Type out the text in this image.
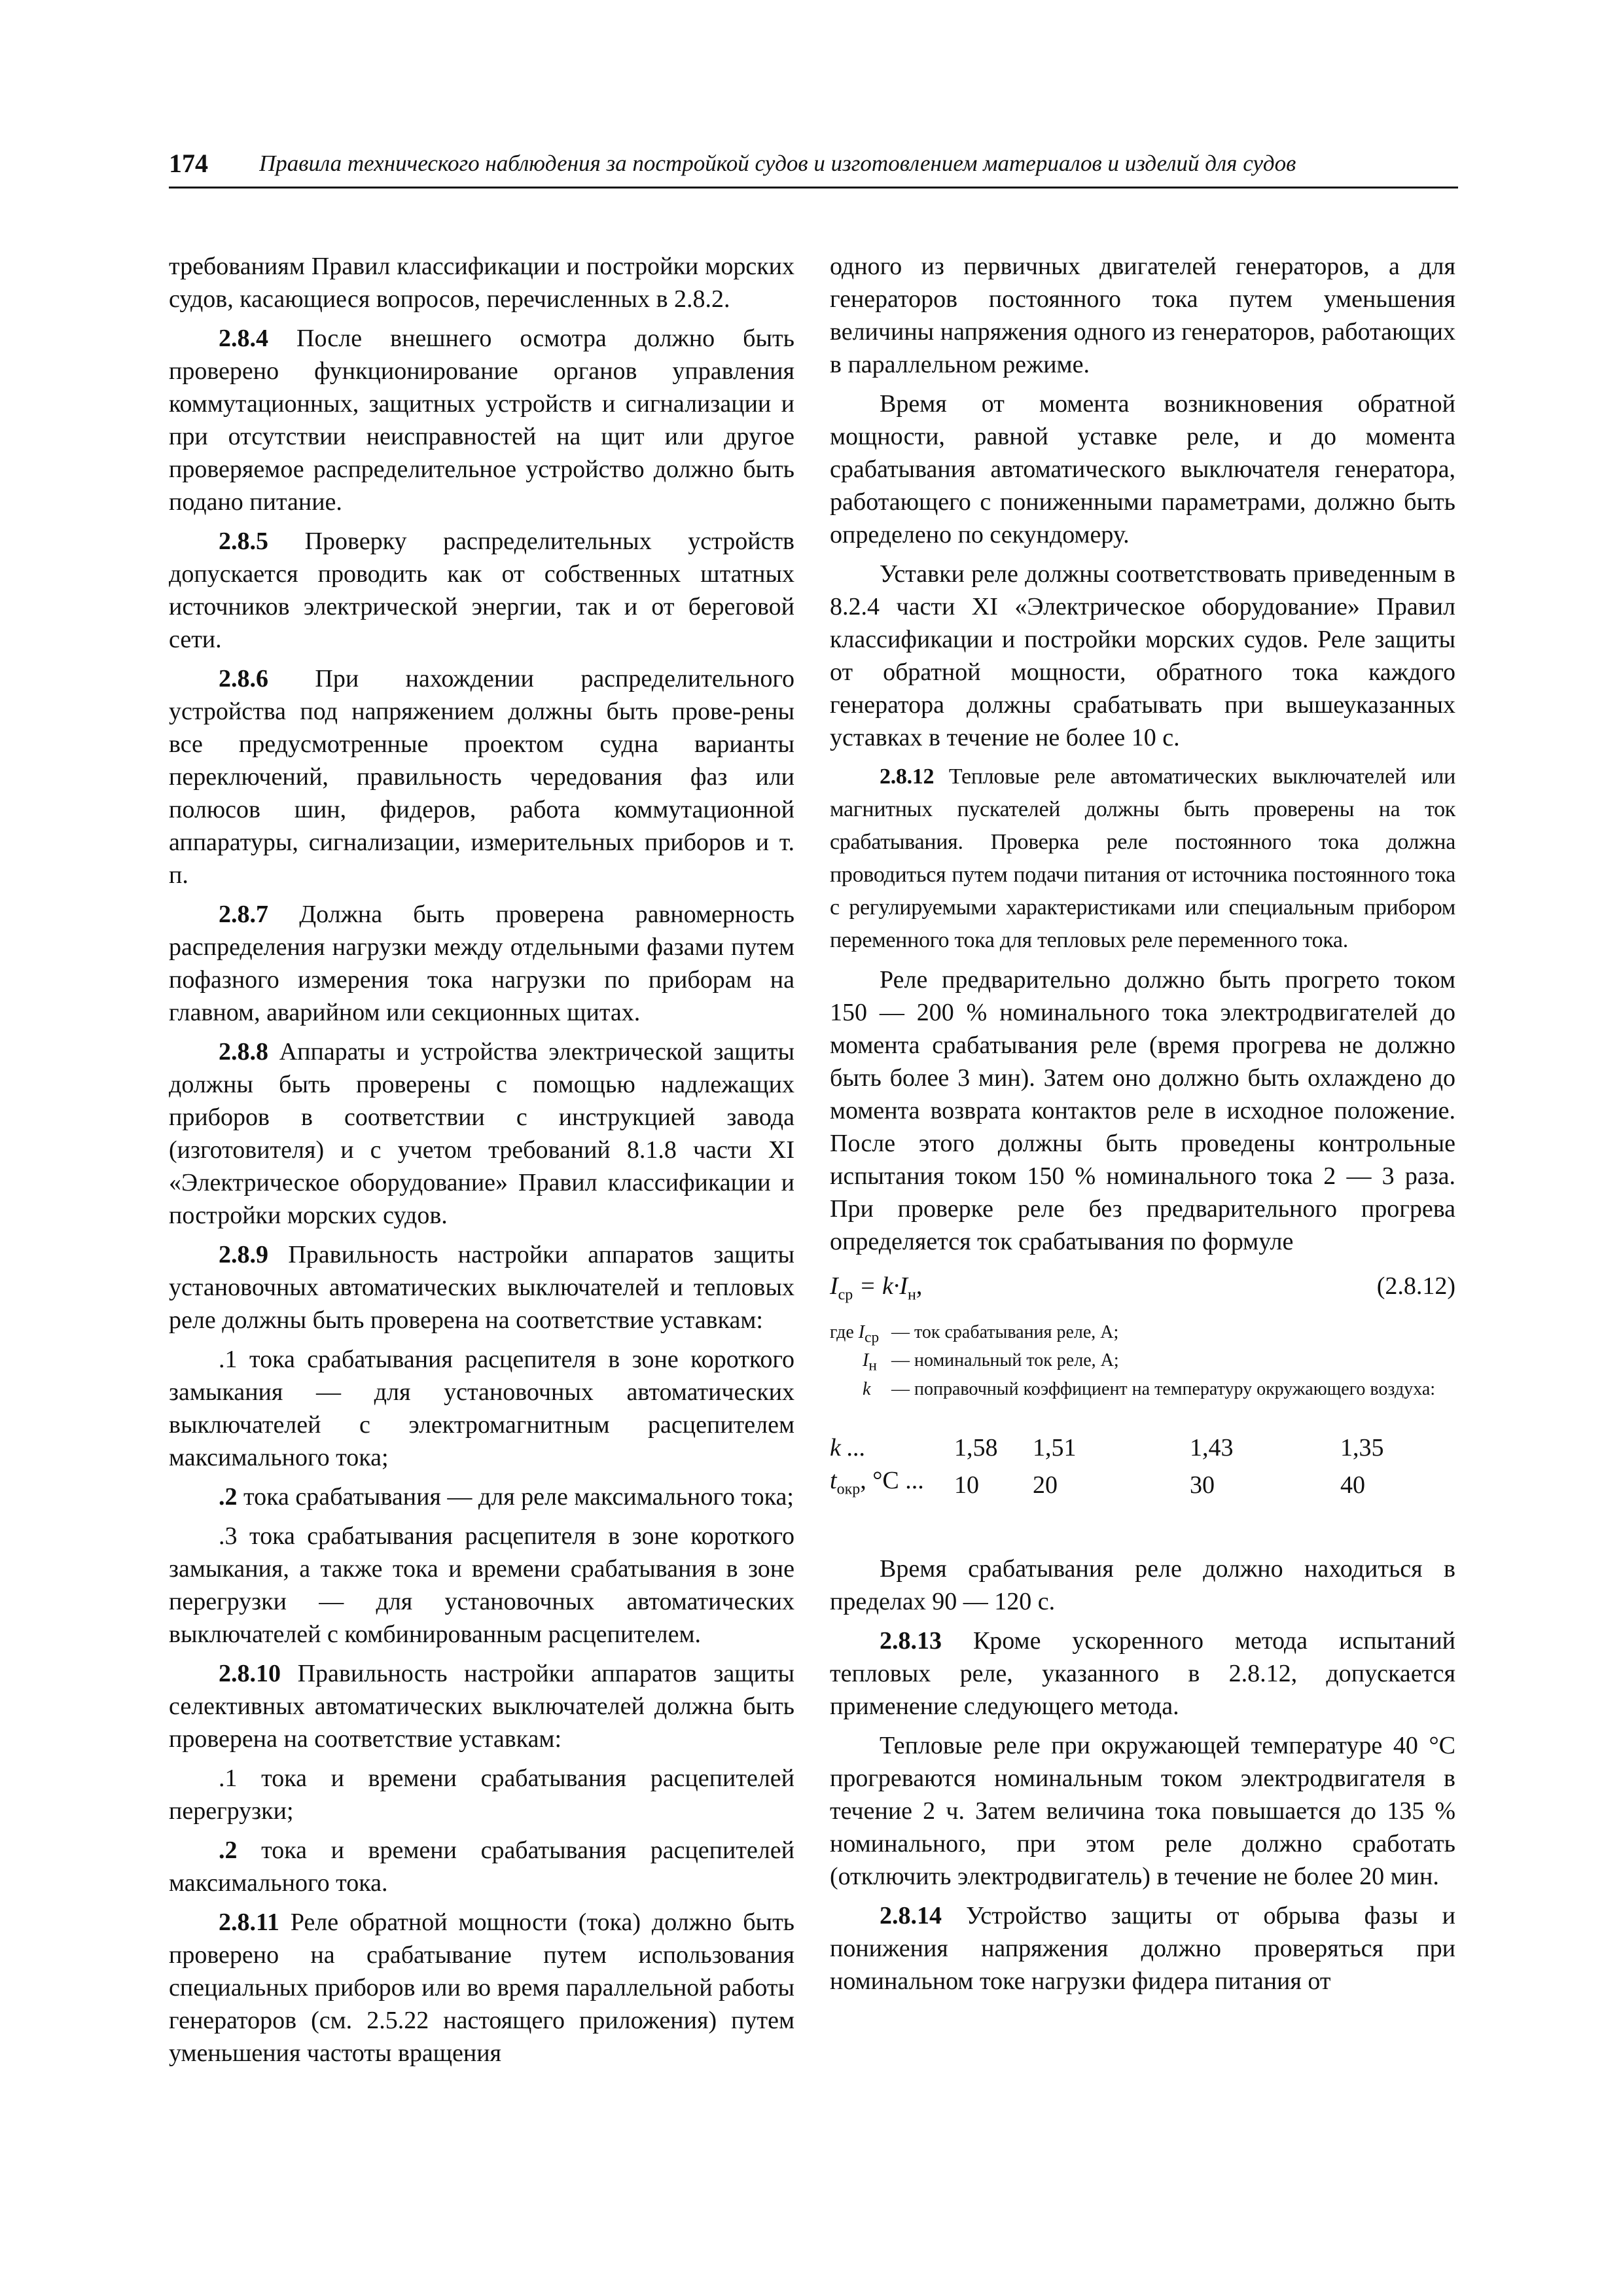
174 Правила технического наблюдения за постройкой судов и изготовлением материалов и изделий для судов

требованиям Правил классификации и постройки морских судов, касающиеся вопросов, перечисленных в 2.8.2.

2.8.4 После внешнего осмотра должно быть проверено функционирование органов управления коммутационных, защитных устройств и сигнализации и при отсутствии неисправностей на щит или другое проверяемое распределительное устройство должно быть подано питание.

2.8.5 Проверку распределительных устройств допускается проводить как от собственных штатных источников электрической энергии, так и от береговой сети.

2.8.6 При нахождении распределительного устройства под напряжением должны быть прове-рены все предусмотренные проектом судна варианты переключений, правильность чередования фаз или полюсов шин, фидеров, работа коммутационной аппаратуры, сигнализации, измерительных приборов и т. п.

2.8.7 Должна быть проверена равномерность распределения нагрузки между отдельными фазами путем пофазного измерения тока нагрузки по приборам на главном, аварийном или секционных щитах.

2.8.8 Аппараты и устройства электрической защиты должны быть проверены с помощью надлежащих приборов в соответствии с инструкцией завода (изготовителя) и с учетом требований 8.1.8 части XI «Электрическое оборудование» Правил классификации и постройки морских судов.

2.8.9 Правильность настройки аппаратов защиты установочных автоматических выключателей и тепловых реле должны быть проверена на соответствие уставкам:

.1 тока срабатывания расцепителя в зоне короткого замыкания — для установочных автоматических выключателей с электромагнитным расцепителем максимального тока;

.2 тока срабатывания — для реле максимального тока;

.3 тока срабатывания расцепителя в зоне короткого замыкания, а также тока и времени срабатывания в зоне перегрузки — для установочных автоматических выключателей с комбинированным расцепителем.

2.8.10 Правильность настройки аппаратов защиты селективных автоматических выключателей должна быть проверена на соответствие уставкам:

.1 тока и времени срабатывания расцепителей перегрузки;

.2 тока и времени срабатывания расцепителей максимального тока.

2.8.11 Реле обратной мощности (тока) должно быть проверено на срабатывание путем использования специальных приборов или во время параллельной работы генераторов (см. 2.5.22 настоящего приложения) путем уменьшения частоты вращения

одного из первичных двигателей генераторов, а для генераторов постоянного тока путем уменьшения величины напряжения одного из генераторов, работающих в параллельном режиме.

Время от момента возникновения обратной мощности, равной уставке реле, и до момента срабатывания автоматического выключателя генератора, работающего с пониженными параметрами, должно быть определено по секундомеру.

Уставки реле должны соответствовать приведенным в 8.2.4 части XI «Электрическое оборудование» Правил классификации и постройки морских судов. Реле защиты от обратной мощности, обратного тока каждого генератора должны срабатывать при вышеуказанных уставках в течение не более 10 с.

2.8.12 Тепловые реле автоматических выключателей или магнитных пускателей должны быть проверены на ток срабатывания. Проверка реле постоянного тока должна проводиться путем подачи питания от источника постоянного тока с регулируемыми характеристиками или специальным прибором переменного тока для тепловых реле переменного тока.

Реле предварительно должно быть прогрето током 150 — 200 % номинального тока электродвигателей до момента срабатывания реле (время прогрева не должно быть более 3 мин). Затем оно должно быть охлаждено до момента возврата контактов реле в исходное положение. После этого должны быть проведены контрольные испытания током 150 % номинального тока 2 — 3 раза. При проверке реле без предварительного прогрева определяется ток срабатывания по формуле

$I_{ср} = k\cdot I_н$,	(2.8.12)
где $I_{ср}$ — ток срабатывания реле, А;
$I_н$ — номинальный ток реле, А;
k	— поправочный коэффициент на температуру окружающего воздуха:
k ...	1,58	1,51	1,43	1,35
$t_{окр}$, °С ...	10	20	30	40

Время срабатывания реле должно находиться в пределах 90 — 120 с.

2.8.13 Кроме ускоренного метода испытаний тепловых реле, указанного в 2.8.12, допускается применение следующего метода.

Тепловые реле при окружающей температуре 40 °С прогреваются номинальным током электродвигателя в течение 2 ч. Затем величина тока повышается до 135 % номинального, при этом реле должно сработать (отключить электродвигатель) в течение не более 20 мин.

2.8.14 Устройство защиты от обрыва фазы и понижения напряжения должно проверяться при номинальном токе нагрузки фидера питания от
